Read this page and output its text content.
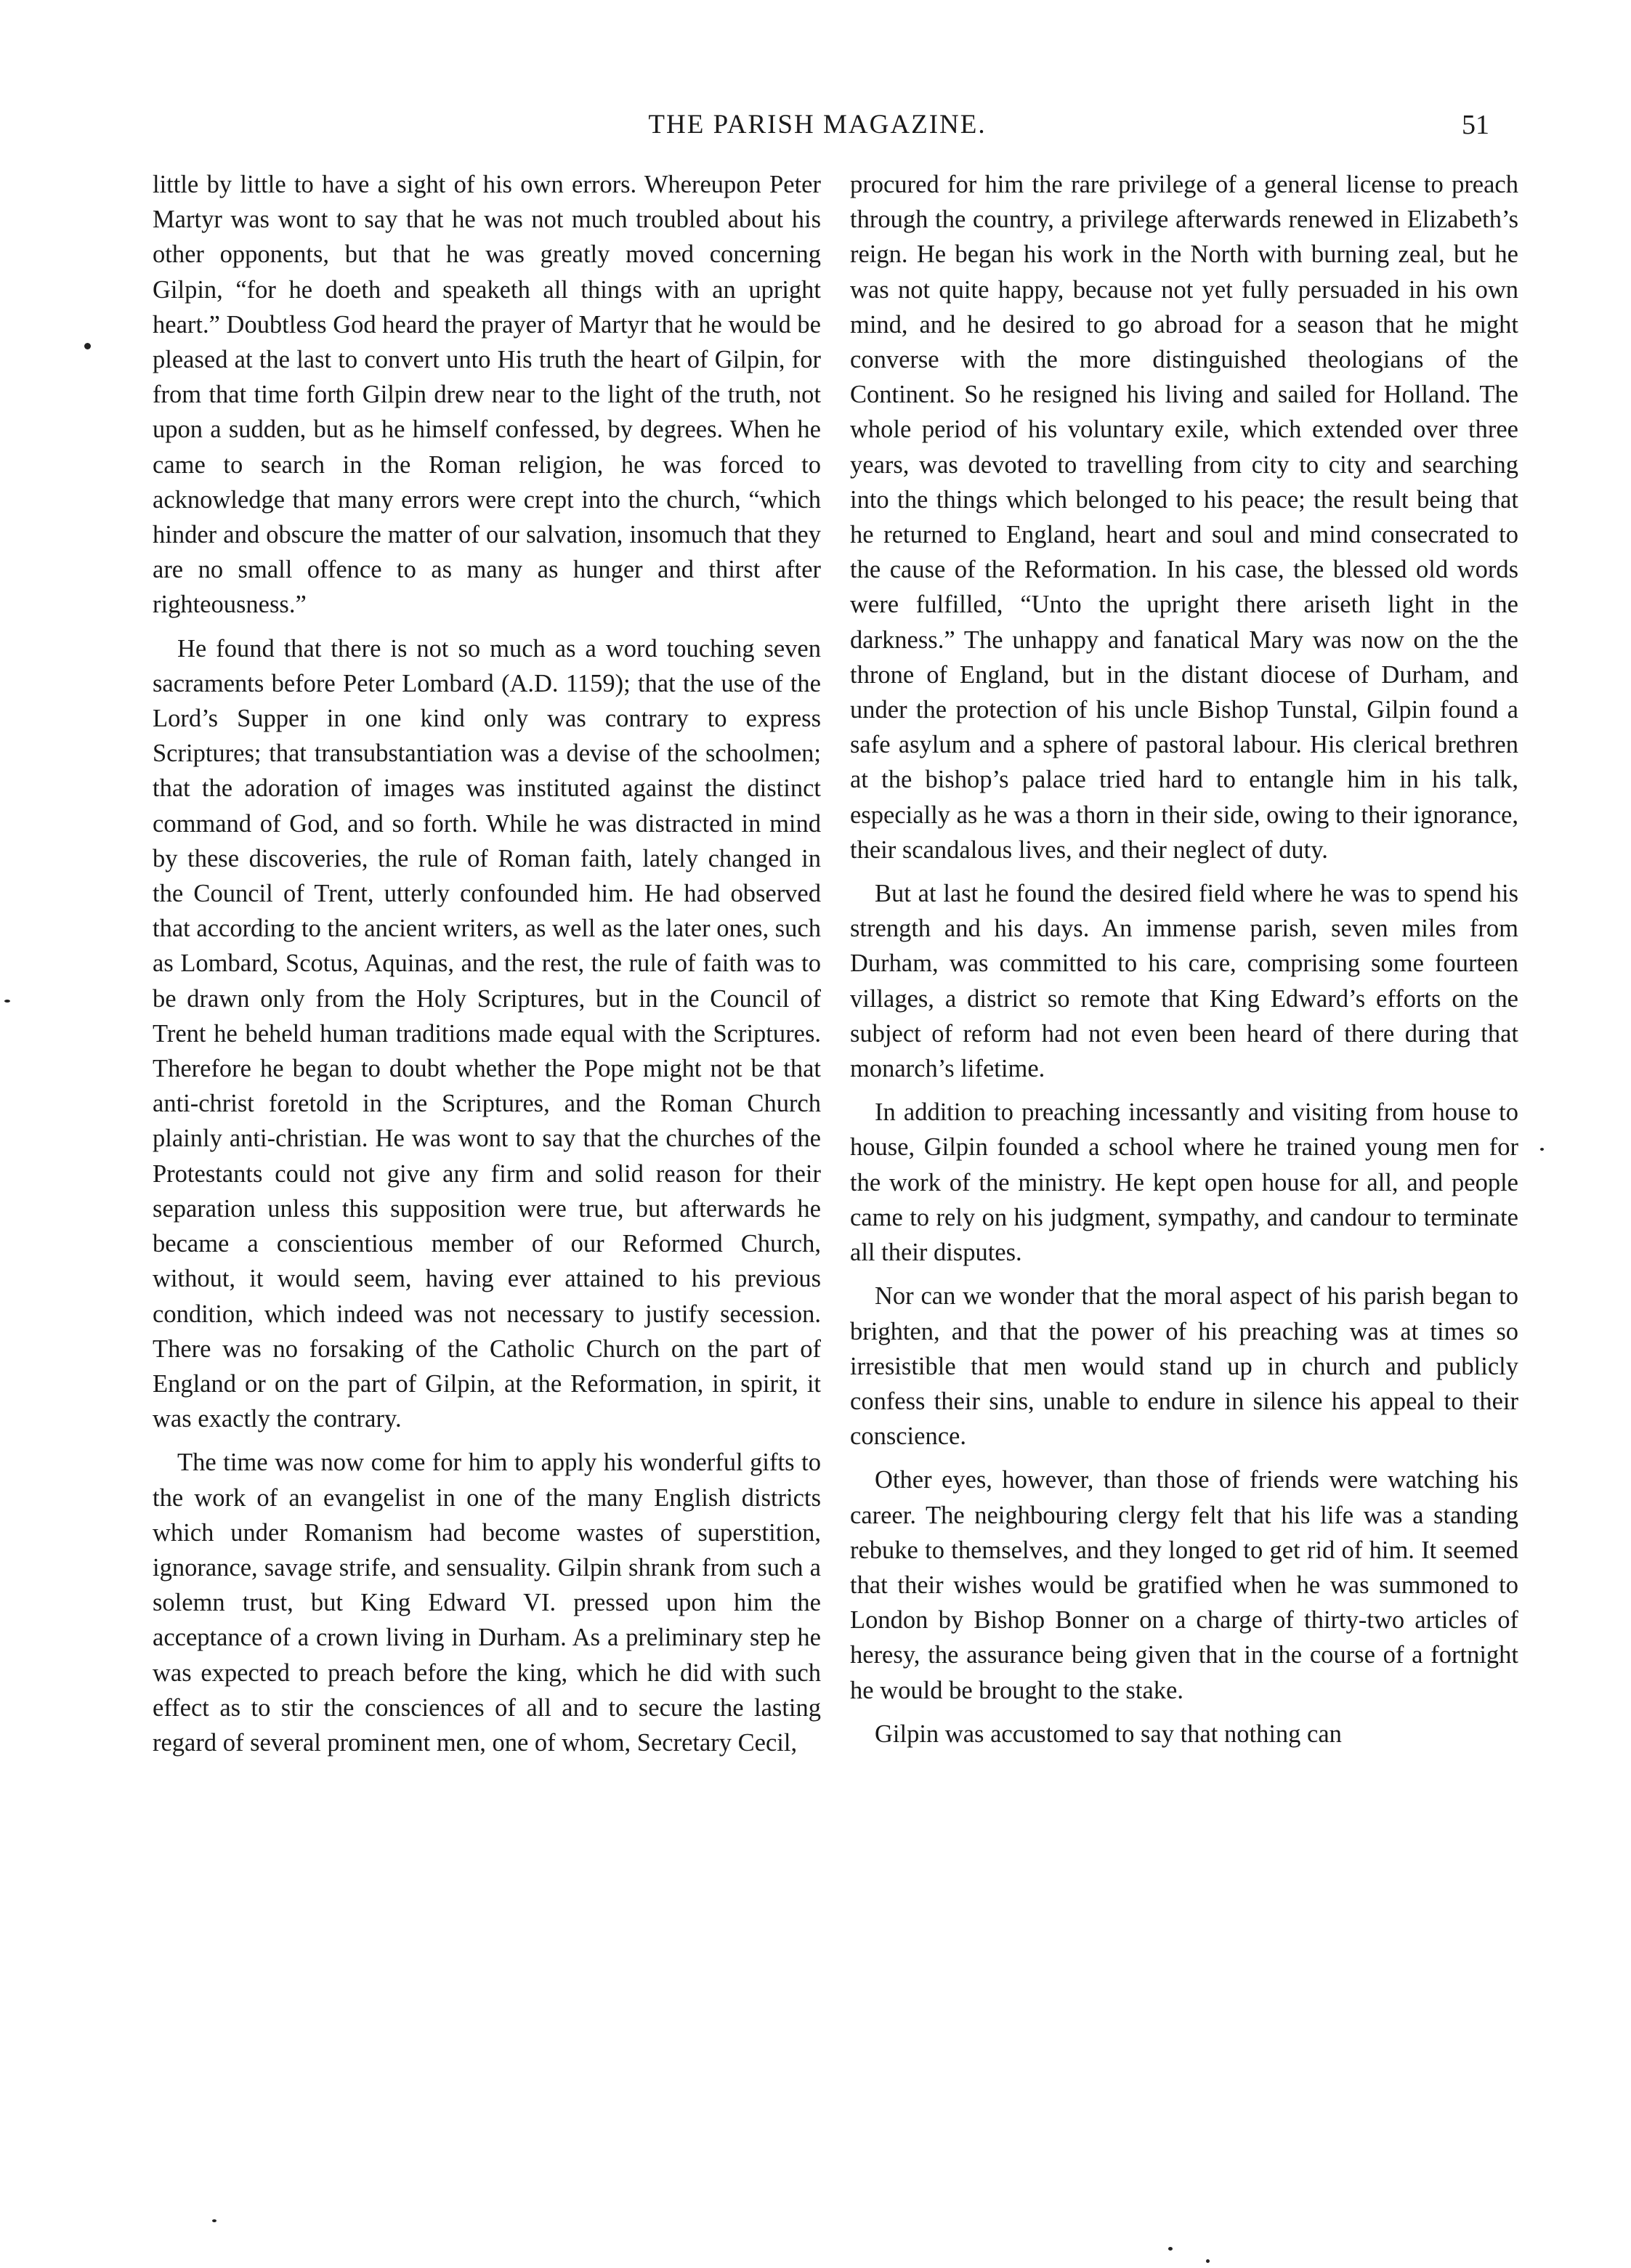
THE PARISH MAGAZINE.	51

little by little to have a sight of his own errors. Whereupon Peter Martyr was wont to say that he was not much troubled about his other opponents, but that he was greatly moved concerning Gilpin, “for he doeth and speaketh all things with an upright heart.” Doubtless God heard the prayer of Martyr that he would be pleased at the last to convert unto His truth the heart of Gilpin, for from that time forth Gilpin drew near to the light of the truth, not upon a sudden, but as he himself confessed, by degrees. When he came to search in the Roman religion, he was forced to acknowledge that many errors were crept into the church, “which hinder and obscure the matter of our salvation, insomuch that they are no small offence to as many as hunger and thirst after righteousness.”

He found that there is not so much as a word touching seven sacraments before Peter Lombard (A.D. 1159); that the use of the Lord’s Supper in one kind only was contrary to express Scriptures; that transubstantiation was a devise of the schoolmen; that the adoration of images was instituted against the distinct command of God, and so forth. While he was distracted in mind by these discoveries, the rule of Roman faith, lately changed in the Council of Trent, utterly confounded him. He had observed that according to the ancient writers, as well as the later ones, such as Lombard, Scotus, Aquinas, and the rest, the rule of faith was to be drawn only from the Holy Scriptures, but in the Council of Trent he beheld human traditions made equal with the Scriptures. Therefore he began to doubt whether the Pope might not be that anti-christ foretold in the Scriptures, and the Roman Church plainly anti-christian. He was wont to say that the churches of the Protestants could not give any firm and solid reason for their separation unless this supposition were true, but afterwards he became a conscientious member of our Reformed Church, without, it would seem, having ever attained to his previous condition, which indeed was not necessary to justify secession. There was no forsaking of the Catholic Church on the part of England or on the part of Gilpin, at the Reformation, in spirit, it was exactly the contrary.

The time was now come for him to apply his wonderful gifts to the work of an evangelist in one of the many English districts which under Romanism had become wastes of superstition, ignorance, savage strife, and sensuality. Gilpin shrank from such a solemn trust, but King Edward VI. pressed upon him the acceptance of a crown living in Durham. As a preliminary step he was expected to preach before the king, which he did with such effect as to stir the consciences of all and to secure the lasting regard of several prominent men, one of whom, Secretary Cecil,

procured for him the rare privilege of a general license to preach through the country, a privilege afterwards renewed in Elizabeth’s reign. He began his work in the North with burning zeal, but he was not quite happy, because not yet fully persuaded in his own mind, and he desired to go abroad for a season that he might converse with the more distinguished theologians of the Continent. So he resigned his living and sailed for Holland. The whole period of his voluntary exile, which extended over three years, was devoted to travelling from city to city and searching into the things which belonged to his peace; the result being that he returned to England, heart and soul and mind consecrated to the cause of the Reformation. In his case, the blessed old words were fulfilled, “Unto the upright there ariseth light in the darkness.” The unhappy and fanatical Mary was now on the the throne of England, but in the distant diocese of Durham, and under the protection of his uncle Bishop Tunstal, Gilpin found a safe asylum and a sphere of pastoral labour. His clerical brethren at the bishop’s palace tried hard to entangle him in his talk, especially as he was a thorn in their side, owing to their ignorance, their scandalous lives, and their neglect of duty.

But at last he found the desired field where he was to spend his strength and his days. An immense parish, seven miles from Durham, was committed to his care, comprising some fourteen villages, a district so remote that King Edward’s efforts on the subject of reform had not even been heard of there during that monarch’s lifetime.

In addition to preaching incessantly and visiting from house to house, Gilpin founded a school where he trained young men for the work of the ministry. He kept open house for all, and people came to rely on his judgment, sympathy, and candour to terminate all their disputes.

Nor can we wonder that the moral aspect of his parish began to brighten, and that the power of his preaching was at times so irresistible that men would stand up in church and publicly confess their sins, unable to endure in silence his appeal to their conscience.

Other eyes, however, than those of friends were watching his career. The neighbouring clergy felt that his life was a standing rebuke to themselves, and they longed to get rid of him. It seemed that their wishes would be gratified when he was summoned to London by Bishop Bonner on a charge of thirty-two articles of heresy, the assurance being given that in the course of a fortnight he would be brought to the stake.

Gilpin was accustomed to say that nothing can
